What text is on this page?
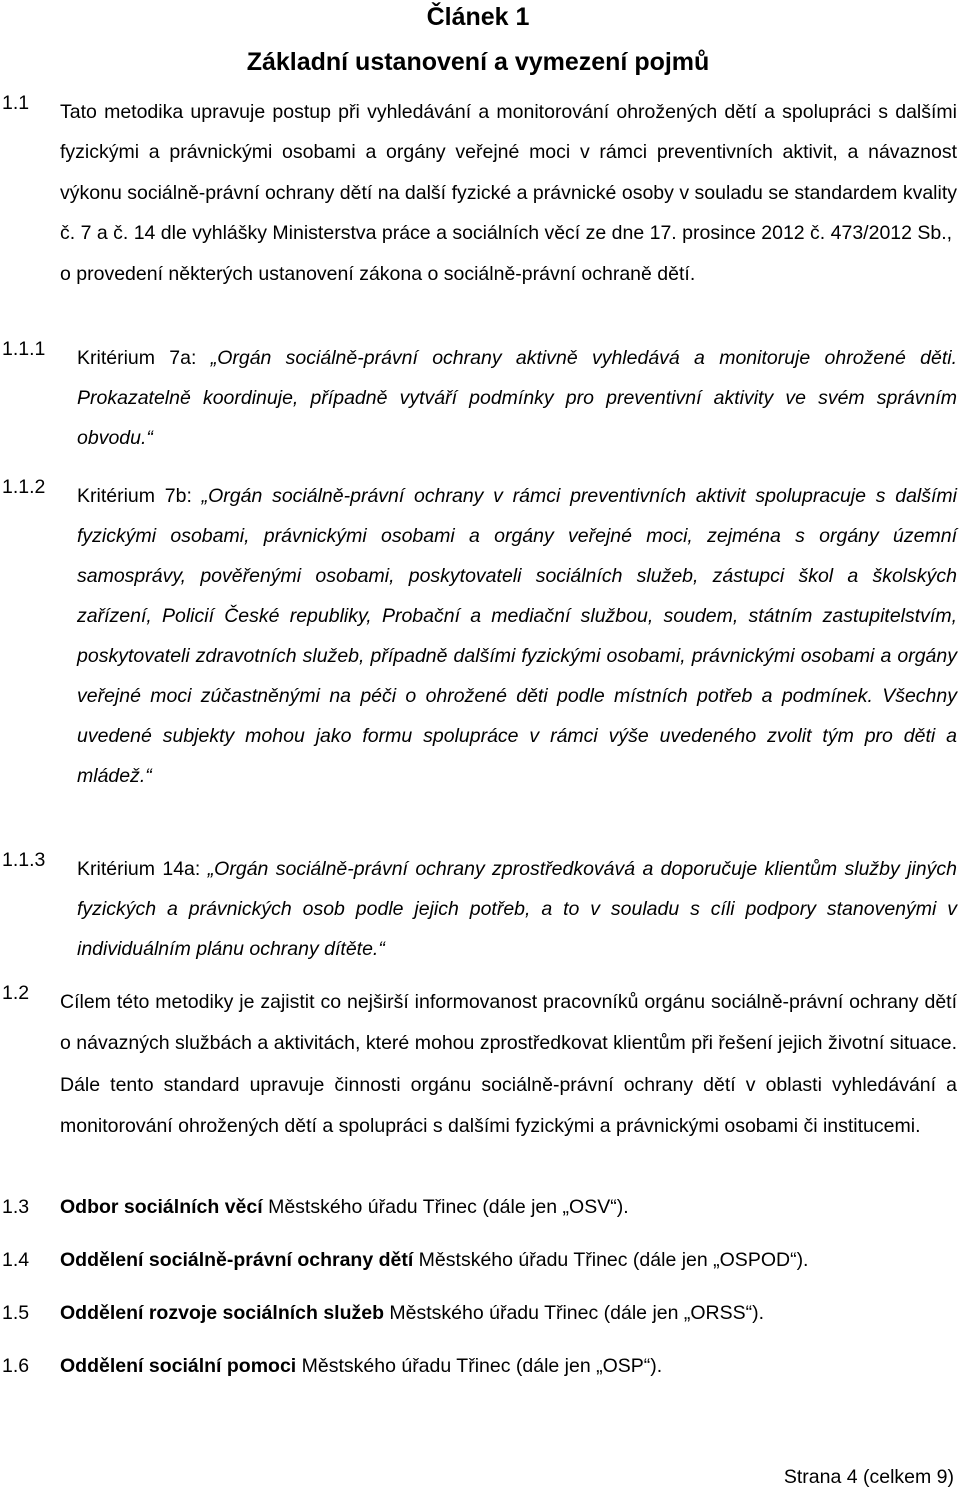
Článek 1
Základní ustanovení a vymezení pojmů
1.1 Tato metodika upravuje postup při vyhledávání a monitorování ohrožených dětí a spolupráci s dalšími fyzickými a právnickými osobami a orgány veřejné moci v rámci preventivních aktivit, a návaznost výkonu sociálně-právní ochrany dětí na další fyzické a právnické osoby v souladu se standardem kvality č. 7 a č. 14 dle vyhlášky Ministerstva práce a sociálních věcí ze dne 17. prosince 2012 č. 473/2012 Sb.,
o provedení některých ustanovení zákona o sociálně-právní ochraně dětí.
1.1.1 Kritérium 7a: „Orgán sociálně-právní ochrany aktivně vyhledává a monitoruje ohrožené děti. Prokazatelně koordinuje, případně vytváří podmínky pro preventivní aktivity ve svém správním obvodu.“
1.1.2 Kritérium 7b: „Orgán sociálně-právní ochrany v rámci preventivních aktivit spolupracuje s dalšími fyzickými osobami, právnickými osobami a orgány veřejné moci, zejména s orgány územní samosprávy, pověřenými osobami, poskytovateli sociálních služeb, zástupci škol a školských zařízení, Policií České republiky, Probační a mediační službou, soudem, státním zastupitelstvím, poskytovateli zdravotních služeb, případně dalšími fyzickými osobami, právnickými osobami a orgány veřejné moci zúčastněnými na péči o ohrožené děti podle místních potřeb a podmínek. Všechny uvedené subjekty mohou jako formu spolupráce v rámci výše uvedeného zvolit tým pro děti a mládež.“
1.1.3 Kritérium 14a: „Orgán sociálně-právní ochrany zprostředkovává a doporučuje klientům služby jiných fyzických a právnických osob podle jejich potřeb, a to v souladu s cíli podpory stanovenými v individuálním plánu ochrany dítěte.“
1.2 Cílem této metodiky je zajistit co nejširší informovanost pracovníků orgánu sociálně-právní ochrany dětí o návazných službách a aktivitách, které mohou zprostředkovat klientům při řešení jejich životní situace. Dále tento standard upravuje činnosti orgánu sociálně-právní ochrany dětí v oblasti vyhledávání a monitorování ohrožených dětí a spolupráci s dalšími fyzickými a právnickými osobami či institucemi.
1.3 Odbor sociálních věcí Městského úřadu Třinec (dále jen „OSV“).
1.4 Oddělení sociálně-právní ochrany dětí Městského úřadu Třinec (dále jen „OSPOD“).
1.5 Oddělení rozvoje sociálních služeb Městského úřadu Třinec (dále jen „ORSS“).
1.6 Oddělení sociální pomoci Městského úřadu Třinec (dále jen „OSP“).
Strana 4 (celkem 9)
